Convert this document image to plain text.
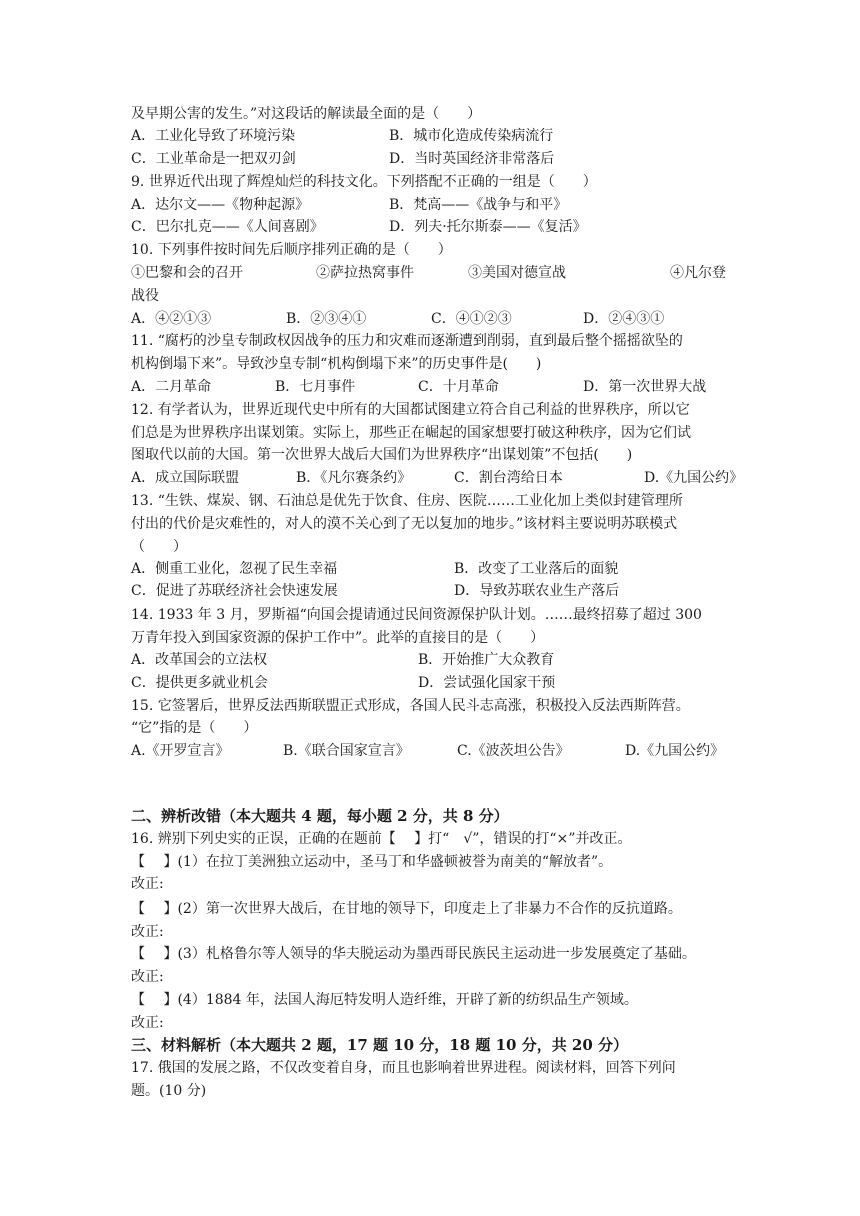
及早期公害的发生。”对这段话的解读最全面的是（　　）
A．工业化导致了环境污染	B．城市化造成传染病流行
C．工业革命是一把双刃剑	D．当时英国经济非常落后
9. 世界近代出现了辉煌灿烂的科技文化。下列搭配不正确的一组是（　　）
A．达尔文——《物种起源》	B．梵高——《战争与和平》
C．巴尔扎克——《人间喜剧》	D．列夫·托尔斯泰——《复活》
10. 下列事件按时间先后顺序排列正确的是（　　）
①巴黎和会的召开	②萨拉热窝事件	③美国对德宣战	④凡尔登
战役
A．④②①③	B．②③④①	C．④①②③	D．②④③①
11. “腐朽的沙皇专制政权因战争的压力和灾难而逐渐遭到削弱，直到最后整个摇摇欲坠的
机构倒塌下来”。导致沙皇专制“机构倒塌下来”的历史事件是(　　)
A．二月革命	B．七月事件	C．十月革命	D．第一次世界大战
12. 有学者认为，世界近现代史中所有的大国都试图建立符合自己利益的世界秩序，所以它
们总是为世界秩序出谋划策。实际上，那些正在崛起的国家想要打破这种秩序，因为它们试
图取代以前的大国。第一次世界大战后大国们为世界秩序“出谋划策”不包括(　　)
A．成立国际联盟	B．《凡尔赛条约》	C．割台湾给日本	D.《九国公约》
13. “生铁、煤炭、钢、石油总是优先于饮食、住房、医院……工业化加上类似封建管理所
付出的代价是灾难性的，对人的漠不关心到了无以复加的地步。”该材料主要说明苏联模式
（　　）
A．侧重工业化，忽视了民生幸福	B．改变了工业落后的面貌
C．促进了苏联经济社会快速发展	D．导致苏联农业生产落后
14. 1933 年 3 月，罗斯福“向国会提请通过民间资源保护队计划。……最终招募了超过 300
万青年投入到国家资源的保护工作中”。此举的直接目的是（　　）
A．改革国会的立法权	B．开始推广大众教育
C．提供更多就业机会	D．尝试强化国家干预
15. 它签署后，世界反法西斯联盟正式形成，各国人民斗志高涨，积极投入反法西斯阵营。
“它”指的是（　　）
A.《开罗宣言》	B.《联合国家宣言》	C.《波茨坦公告》	D.《九国公约》
二、辨析改错（本大题共 4 题，每小题 2 分，共 8 分）
16. 辨别下列史实的正误，正确的在题前【　 】打“　√”，错误的打“×”并改正。
【　 】(1）在拉丁美洲独立运动中，圣马丁和华盛顿被誉为南美的“解放者”。
改正:
【　 】(2）第一次世界大战后，在甘地的领导下，印度走上了非暴力不合作的反抗道路。
改正:
【　 】(3）札格鲁尔等人领导的华夫脱运动为墨西哥民族民主运动进一步发展奠定了基础。
改正:
【　 】(4）1884 年，法国人海厄特发明人造纤维，开辟了新的纺织品生产领域。
改正:
三、材料解析（本大题共 2 题，17 题 10 分，18 题 10 分，共 20 分）
17. 俄国的发展之路，不仅改变着自身，而且也影响着世界进程。阅读材料，回答下列问
题。(10 分)
